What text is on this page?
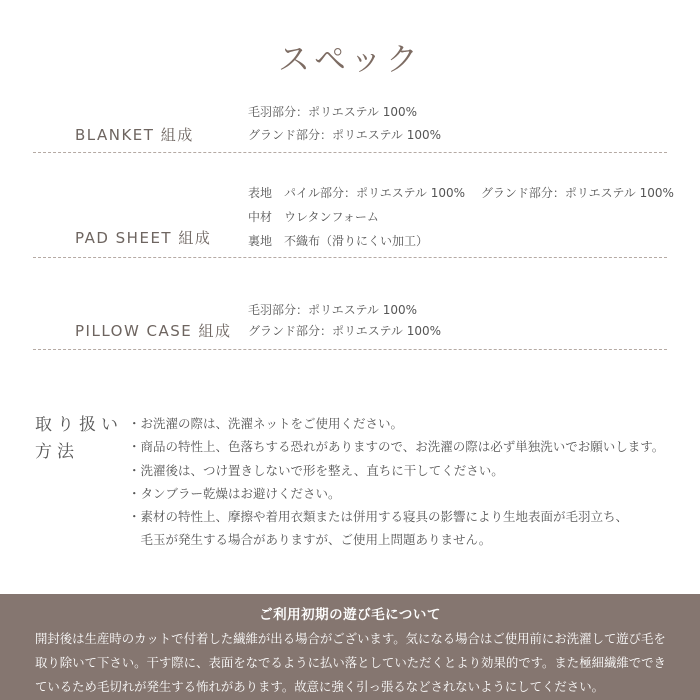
スペック
BLANKET 組成
毛羽部分：ポリエステル 100%
グランド部分：ポリエステル 100%
PAD SHEET 組成
表地　パイル部分：ポリエステル 100%　 グランド部分：ポリエステル 100%
中材　ウレタンフォーム
裏地　不織布（滑りにくい加工）
PILLOW CASE 組成
毛羽部分：ポリエステル 100%
グランド部分：ポリエステル 100%
取り扱い
方法
・お洗濯の際は、洗濯ネットをご使用ください。
・商品の特性上、色落ちする恐れがありますので、お洗濯の際は必ず単独洗いでお願いします。
・洗濯後は、つけ置きしないで形を整え、直ちに干してください。
・タンブラー乾燥はお避けください。
・素材の特性上、摩擦や着用衣類または併用する寝具の影響により生地表面が毛羽立ち、
　毛玉が発生する場合がありますが、ご使用上問題ありません。
ご利用初期の遊び毛について

開封後は生産時のカットで付着した繊維が出る場合がございます。気になる場合はご使用前にお洗濯して遊び毛を取り除いて下さい。干す際に、表面をなでるように払い落としていただくとより効果的です。また極細繊維でできているため毛切れが発生する怖れがあります。故意に強く引っ張るなどされないようにしてください。
